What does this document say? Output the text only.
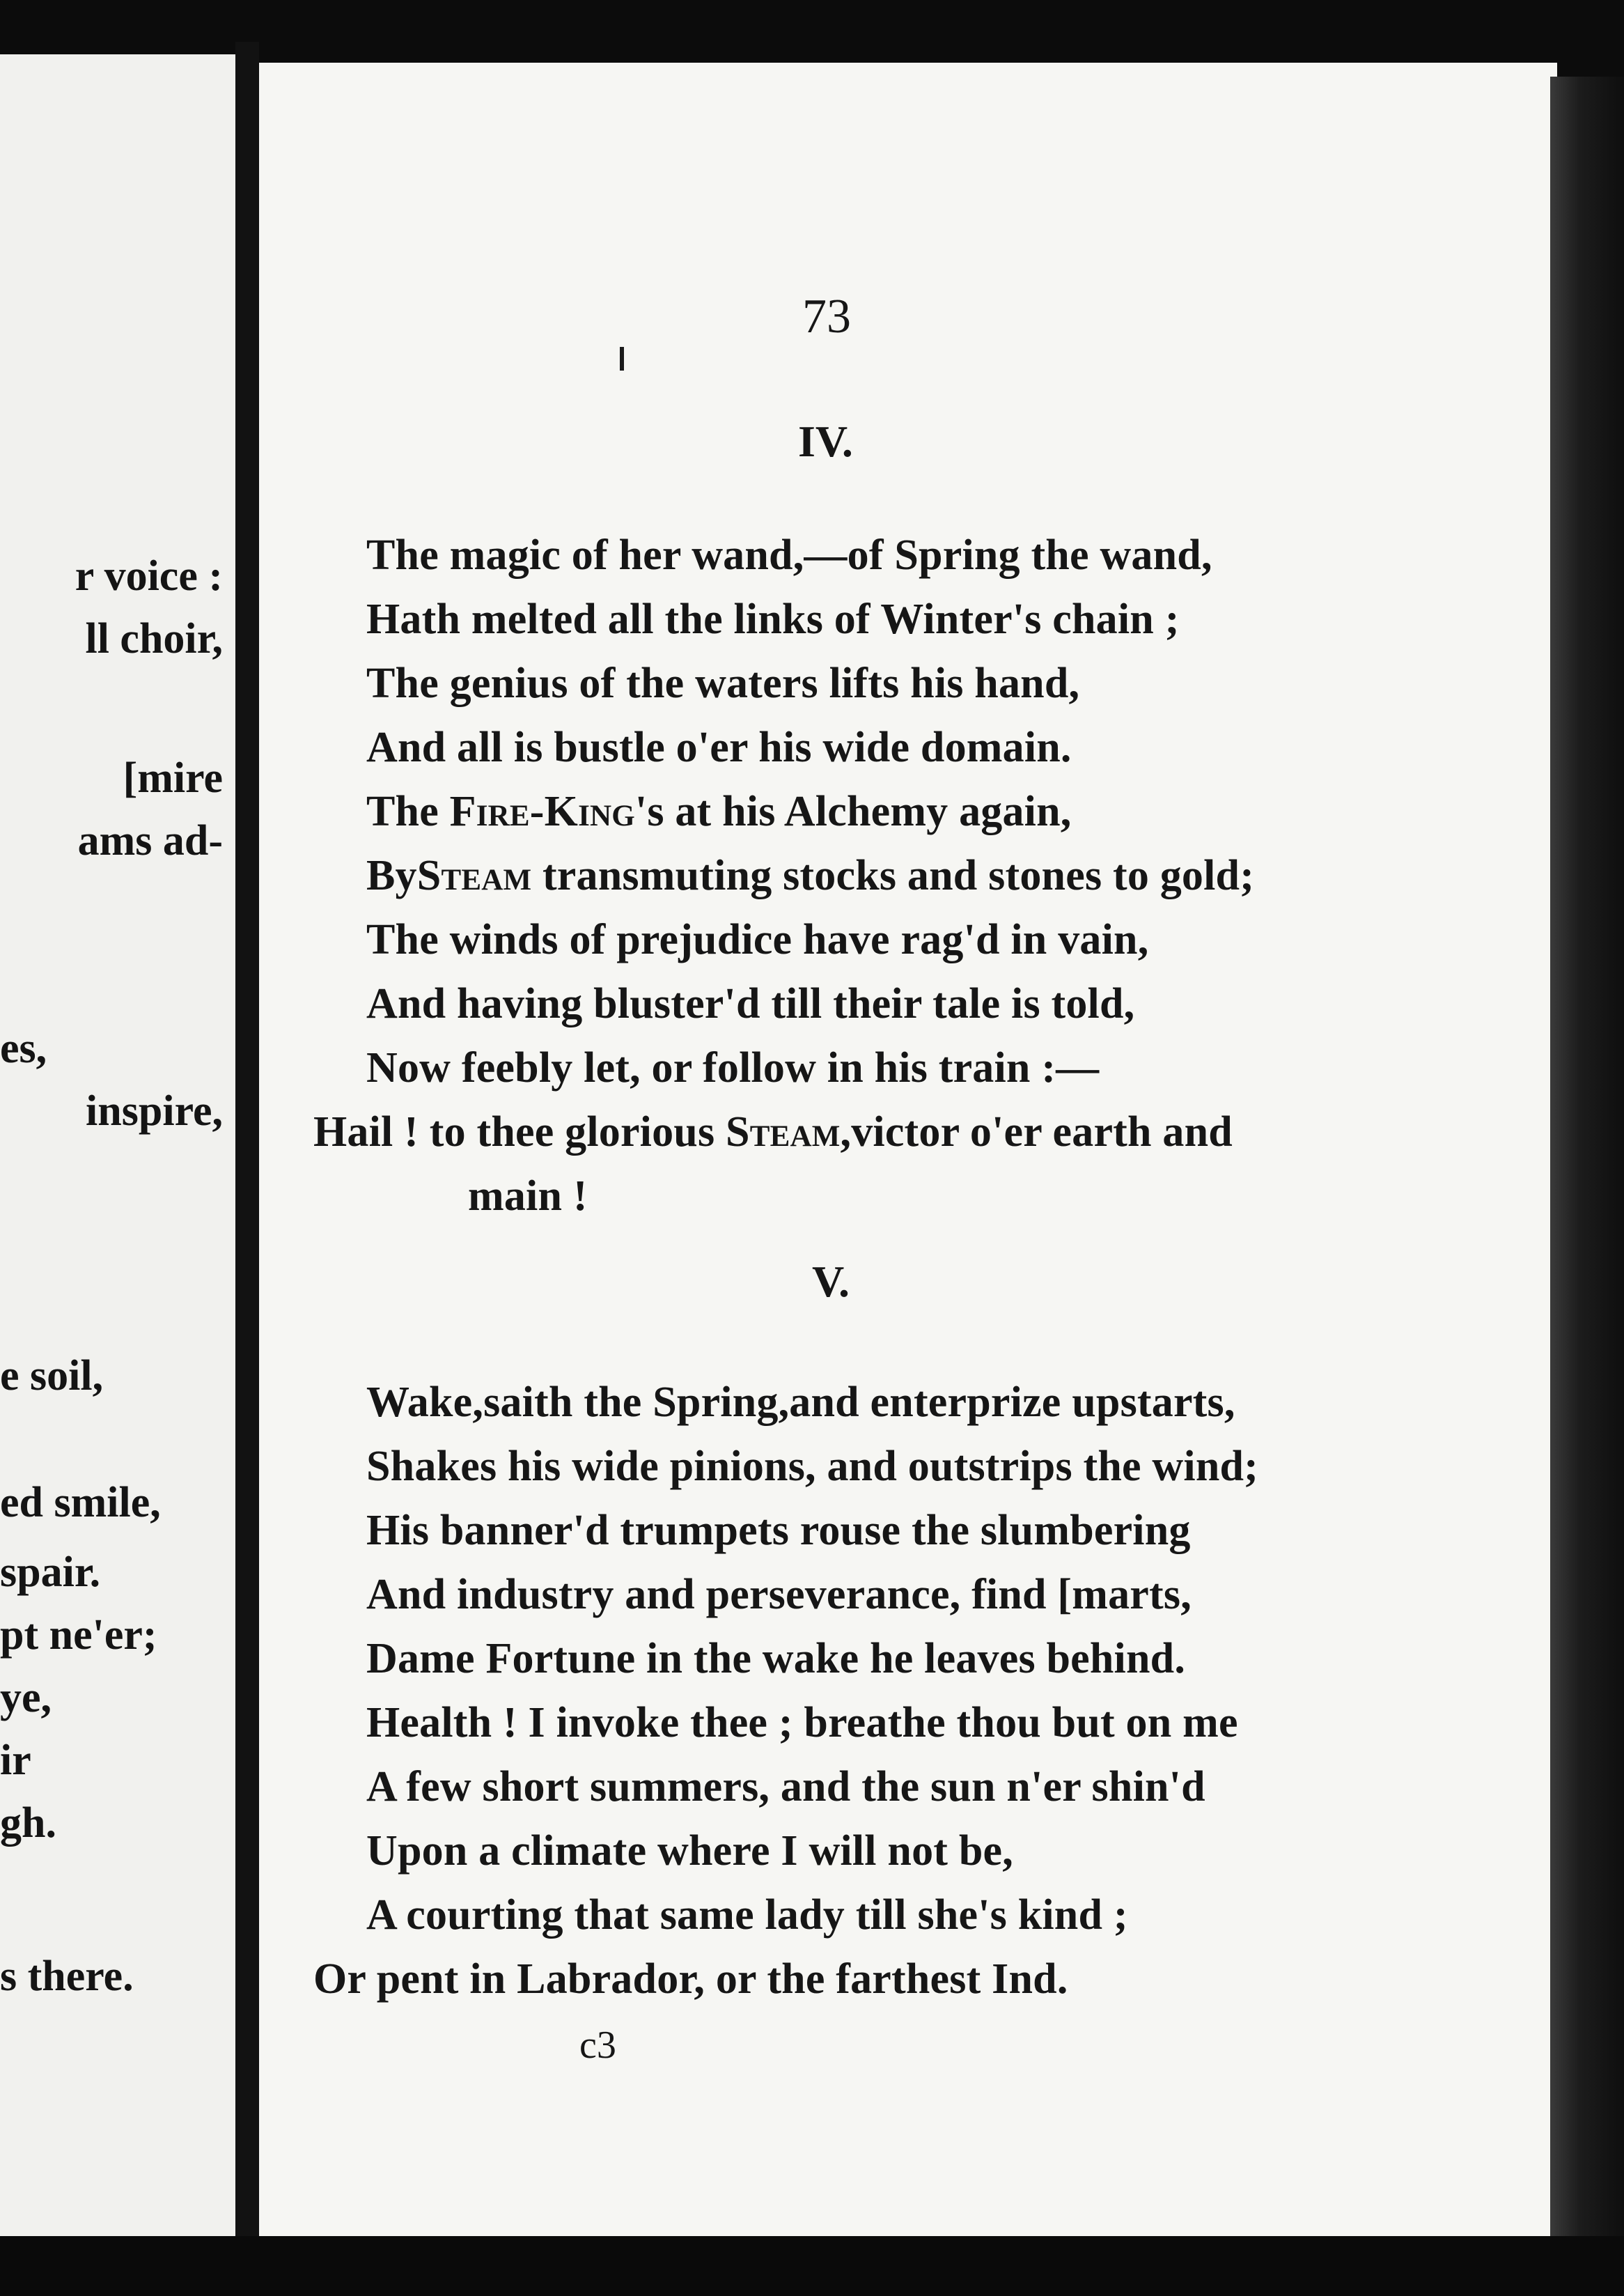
r voice :
ll choir,
[mire
ams ad-
es,
inspire,
e soil,
ed smile,
spair.
pt ne'er;
ye,
ir
gh.
s there.
73
IV.
The magic of her wand,—of Spring the wand,
Hath melted all the links of Winter's chain ;
The genius of the waters lifts his hand,
And all is bustle o'er his wide domain.
The Fire-King's at his Alchemy again,
BySteam transmuting stocks and stones to gold;
The winds of prejudice have rag'd in vain,
And having bluster'd till their tale is told,
Now feebly let, or follow in his train :—
Hail ! to thee glorious Steam,victor o'er earth and
main !
V.
Wake,saith the Spring,and enterprize upstarts,
Shakes his wide pinions, and outstrips the wind;
His banner'd trumpets rouse the slumbering
And industry and perseverance, find [marts,
Dame Fortune in the wake he leaves behind.
Health ! I invoke thee ; breathe thou but on me
A few short summers, and the sun n'er shin'd
Upon a climate where I will not be,
A courting that same lady till she's kind ;
Or pent in Labrador, or the farthest Ind.
c3
